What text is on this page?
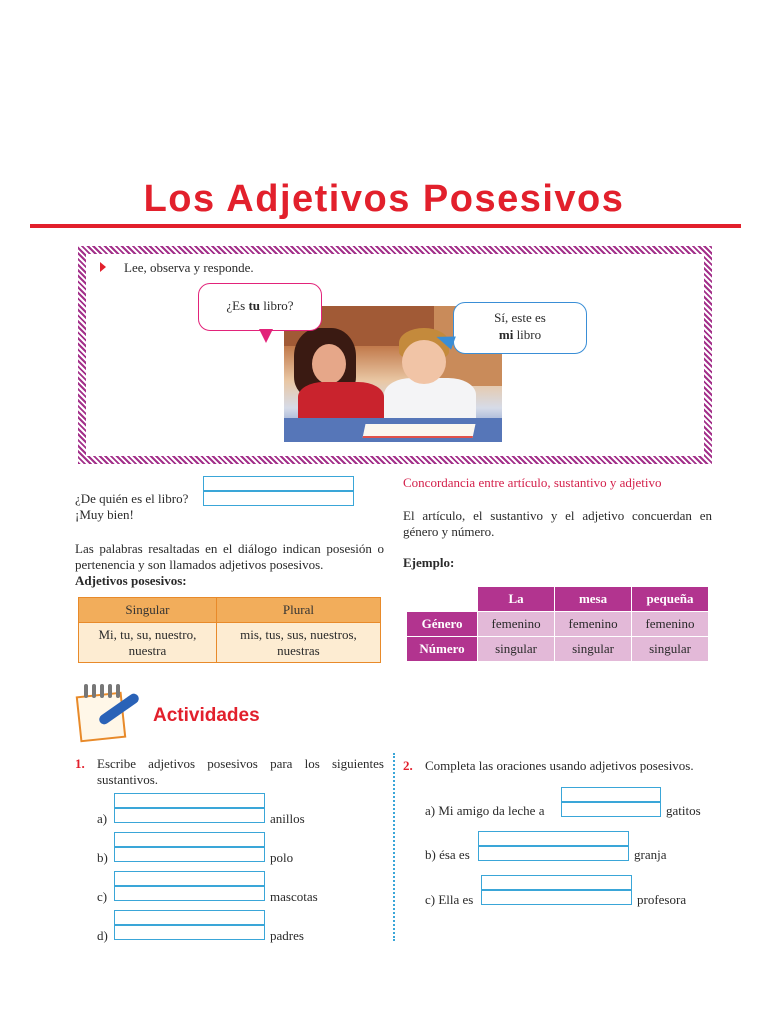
Los Adjetivos Posesivos
Lee, observa y responde.
¿Es tu libro?
Sí, este es
mi libro
¿De quién es el libro?
¡Muy bien!
Las palabras resaltadas en el diálogo indican posesión o pertenencia y son llamados adjetivos posesivos.
Adjetivos posesivos:
Singular	Plural
Mi, tu, su, nuestro,
nuestra	mis, tus, sus, nuestros,
nuestras
Concordancia entre artículo, sustantivo y adjetivo
El artículo, el sustantivo y el adjetivo concuerdan en género y número.
Ejemplo:
	La	mesa	pequeña
Género	femenino	femenino	femenino
Número	singular	singular	singular
Actividades
1. Escribe adjetivos posesivos para los siguientes sustantivos.
a)	anillos
b)	polo
c)	mascotas
d)	padres
2. Completa las oraciones usando adjetivos posesivos.
a) Mi amigo da leche a	gatitos
b) ésa es	granja
c) Ella es	profesora
